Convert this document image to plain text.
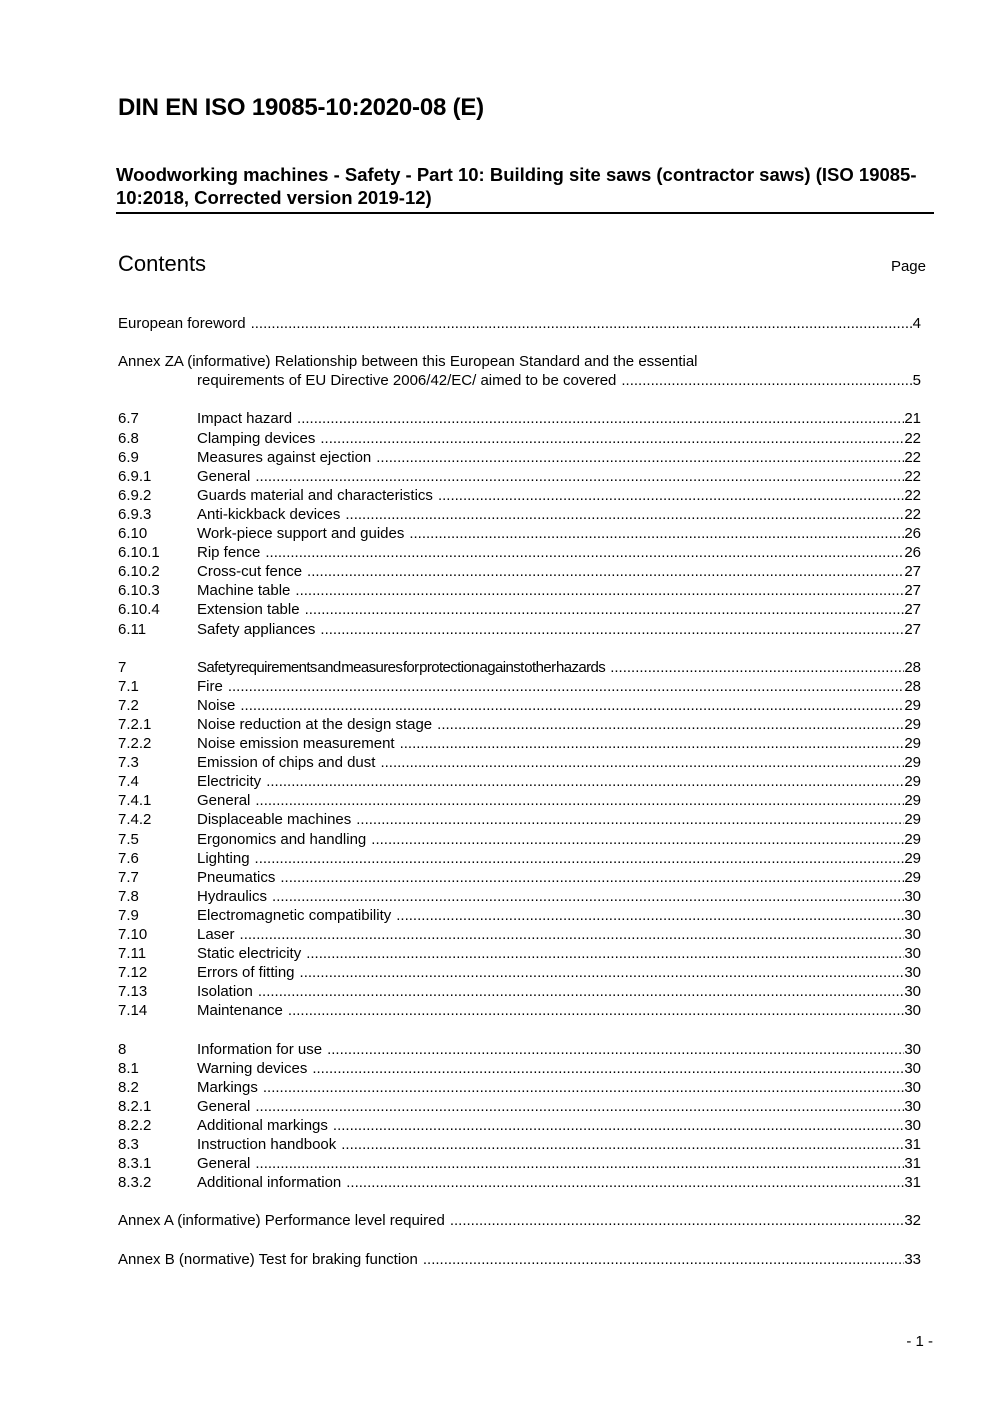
DIN EN ISO 19085-10:2020-08 (E)
Woodworking machines - Safety - Part 10: Building site saws (contractor saws) (ISO 19085-10:2018, Corrected version 2019-12)
Contents	Page
European foreword .....	4
Annex ZA (informative) Relationship between this European Standard and the essential
requirements of EU Directive 2006/42/EC/ aimed to be covered .....	5
6.7	Impact hazard .....	21
6.8	Clamping devices .....	22
6.9	Measures against ejection .....	22
6.9.1	General .....	22
6.9.2	Guards material and characteristics .....	22
6.9.3	Anti-kickback devices .....	22
6.10	Work-piece support and guides .....	26
6.10.1	Rip fence .....	26
6.10.2	Cross-cut fence .....	27
6.10.3	Machine table .....	27
6.10.4	Extension table .....	27
6.11	Safety appliances .....	27
7	Safety requirements and measures for protection against other hazards .....	28
7.1	Fire .....	28
7.2	Noise .....	29
7.2.1	Noise reduction at the design stage .....	29
7.2.2	Noise emission measurement .....	29
7.3	Emission of chips and dust .....	29
7.4	Electricity .....	29
7.4.1	General .....	29
7.4.2	Displaceable machines .....	29
7.5	Ergonomics and handling .....	29
7.6	Lighting .....	29
7.7	Pneumatics .....	29
7.8	Hydraulics .....	30
7.9	Electromagnetic compatibility .....	30
7.10	Laser .....	30
7.11	Static electricity .....	30
7.12	Errors of fitting .....	30
7.13	Isolation .....	30
7.14	Maintenance .....	30
8	Information for use .....	30
8.1	Warning devices .....	30
8.2	Markings .....	30
8.2.1	General .....	30
8.2.2	Additional markings .....	30
8.3	Instruction handbook .....	31
8.3.1	General .....	31
8.3.2	Additional information .....	31
Annex A (informative) Performance level required .....	32
Annex B (normative) Test for braking function .....	33
- 1 -
